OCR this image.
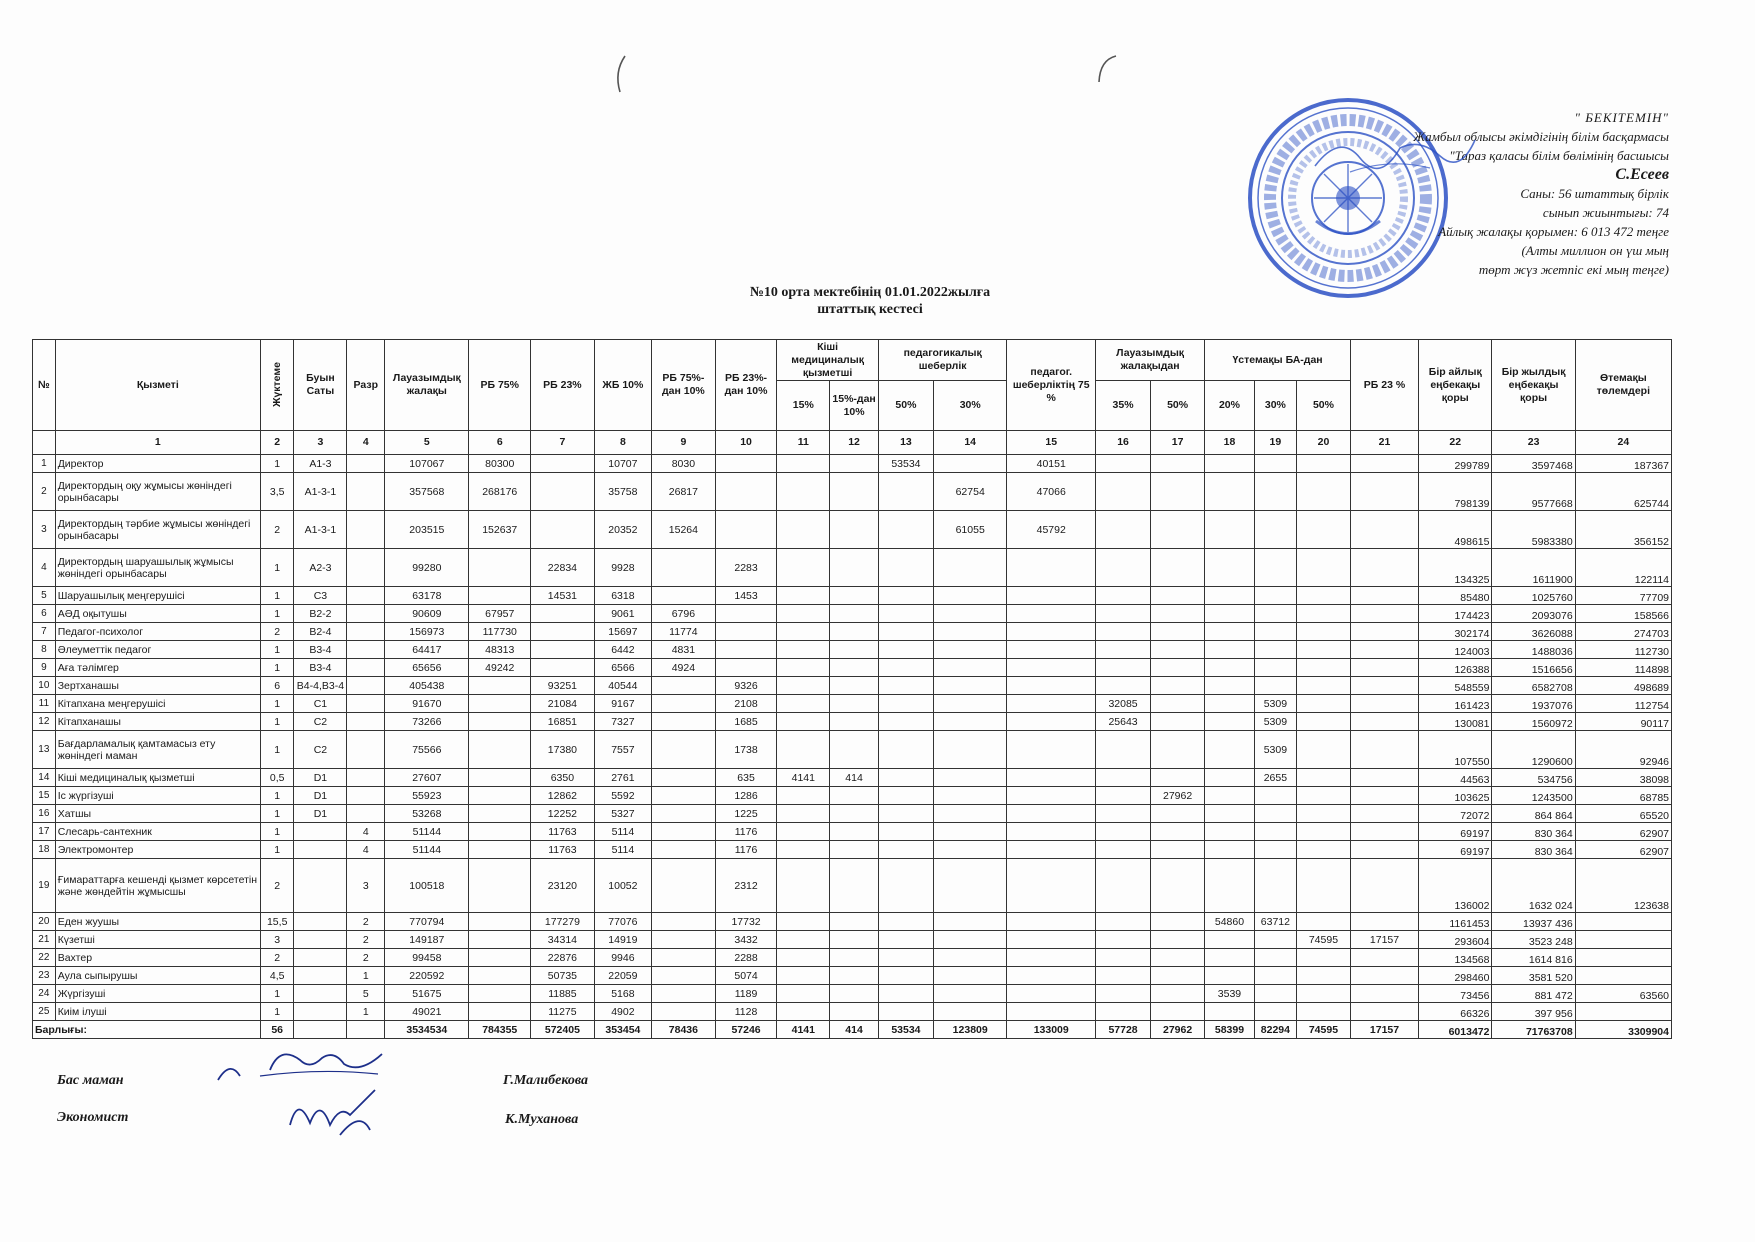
" БЕКІТЕМІН"
Жамбыл облысы әкімдігінің білім басқармасы
"Тараз қаласы білім бөлімінің басшысы
С.Есеев
Саны: 56 штаттық бірлік
сынып жиынтығы: 74
Айлық жалақы қорымен: 6 013 472 теңге
(Алты миллион он үш мың
төрт жүз жетпіс екі мың теңге)
№10 орта мектебінің 01.01.2022жылға
штаттық кестесі
№	Қызметі	Жүктеме	Буын Саты	Разр	Лауазымдық жалақы	РБ 75%	РБ 23%	ЖБ 10%	РБ 75%-дан 10%	РБ 23%-дан 10%	Кіші медициналық қызметші		педагогикалық шеберлік		педагог. шеберліктің 75 %	Лауазымдық жалақыдан		Үстемақы БА-дан			РБ 23 %	Бір айлық еңбекақы қоры	Бір жылдық еңбекақы қоры	Өтемақы төлемдері
											15%	15%-дан 10%	50%	30%		35%	50%	20%	30%	50%				
	1	2	3	4	5	6	7	8	9	10	11	12	13	14	15	16	17	18	19	20	21	22	23	24
1	Директор	1	А1-3		107067	80300		10707	8030				53534		40151							299789	3597468	187367
2	Директордың оқу жұмысы жөніндегі орынбасары	3,5	А1-3-1		357568	268176		35758	26817					62754	47066							798139	9577668	625744
3	Директордың тәрбие жұмысы жөніндегі орынбасары	2	А1-3-1		203515	152637		20352	15264					61055	45792							498615	5983380	356152
4	Директордың шаруашылық жұмысы жөніндегі орынбасары	1	А2-3		99280		22834	9928		2283												134325	1611900	122114
5	Шаруашылық меңгерушісі	1	С3		63178		14531	6318		1453												85480	1025760	77709
6	АӘД оқытушы	1	В2-2		90609	67957		9061	6796													174423	2093076	158566
7	Педагог-психолог	2	В2-4		156973	117730		15697	11774													302174	3626088	274703
8	Әлеуметтік педагог	1	В3-4		64417	48313		6442	4831													124003	1488036	112730
9	Аға тәлімгер	1	В3-4		65656	49242		6566	4924													126388	1516656	114898
10	Зертханашы	6	В4-4,В3-4		405438		93251	40544		9326												548559	6582708	498689
11	Кітапхана меңгерушісі	1	С1		91670		21084	9167		2108						32085			5309			161423	1937076	112754
12	Кітапханашы	1	С2		73266		16851	7327		1685						25643			5309			130081	1560972	90117
13	Бағдарламалық қамтамасыз ету жөніндегі маман	1	С2		75566		17380	7557		1738									5309			107550	1290600	92946
14	Кіші медициналық қызметші	0,5	D1		27607		6350	2761		635	4141	414							2655			44563	534756	38098
15	Іс жүргізуші	1	D1		55923		12862	5592		1286							27962					103625	1243500	68785
16	Хатшы	1	D1		53268		12252	5327		1225												72072	864 864	65520
17	Слесарь-сантехник	1		4	51144		11763	5114		1176												69197	830 364	62907
18	Электромонтер	1		4	51144		11763	5114		1176												69197	830 364	62907
19	Ғимараттарға кешенді қызмет көрсететін және жөндейтін жұмысшы	2		3	100518		23120	10052		2312												136002	1632 024	123638
20	Еден жуушы	15,5		2	770794		177279	77076		17732								54860	63712			1161453	13937 436	
21	Күзетші	3		2	149187		34314	14919		3432										74595	17157	293604	3523 248	
22	Вахтер	2		2	99458		22876	9946		2288												134568	1614 816	
23	Аула сыпырушы	4,5		1	220592		50735	22059		5074												298460	3581 520	
24	Жүргізуші	1		5	51675		11885	5168		1189								3539				73456	881 472	63560
25	Киім ілуші	1		1	49021		11275	4902		1128												66326	397 956	
Барлығы:		56			3534534	784355	572405	353454	78436	57246	4141	414	53534	123809	133009	57728	27962	58399	82294	74595	17157	6013472	71763708	3309904
Бас маман	Г.Малибекова
Экономист	К.Муханова
